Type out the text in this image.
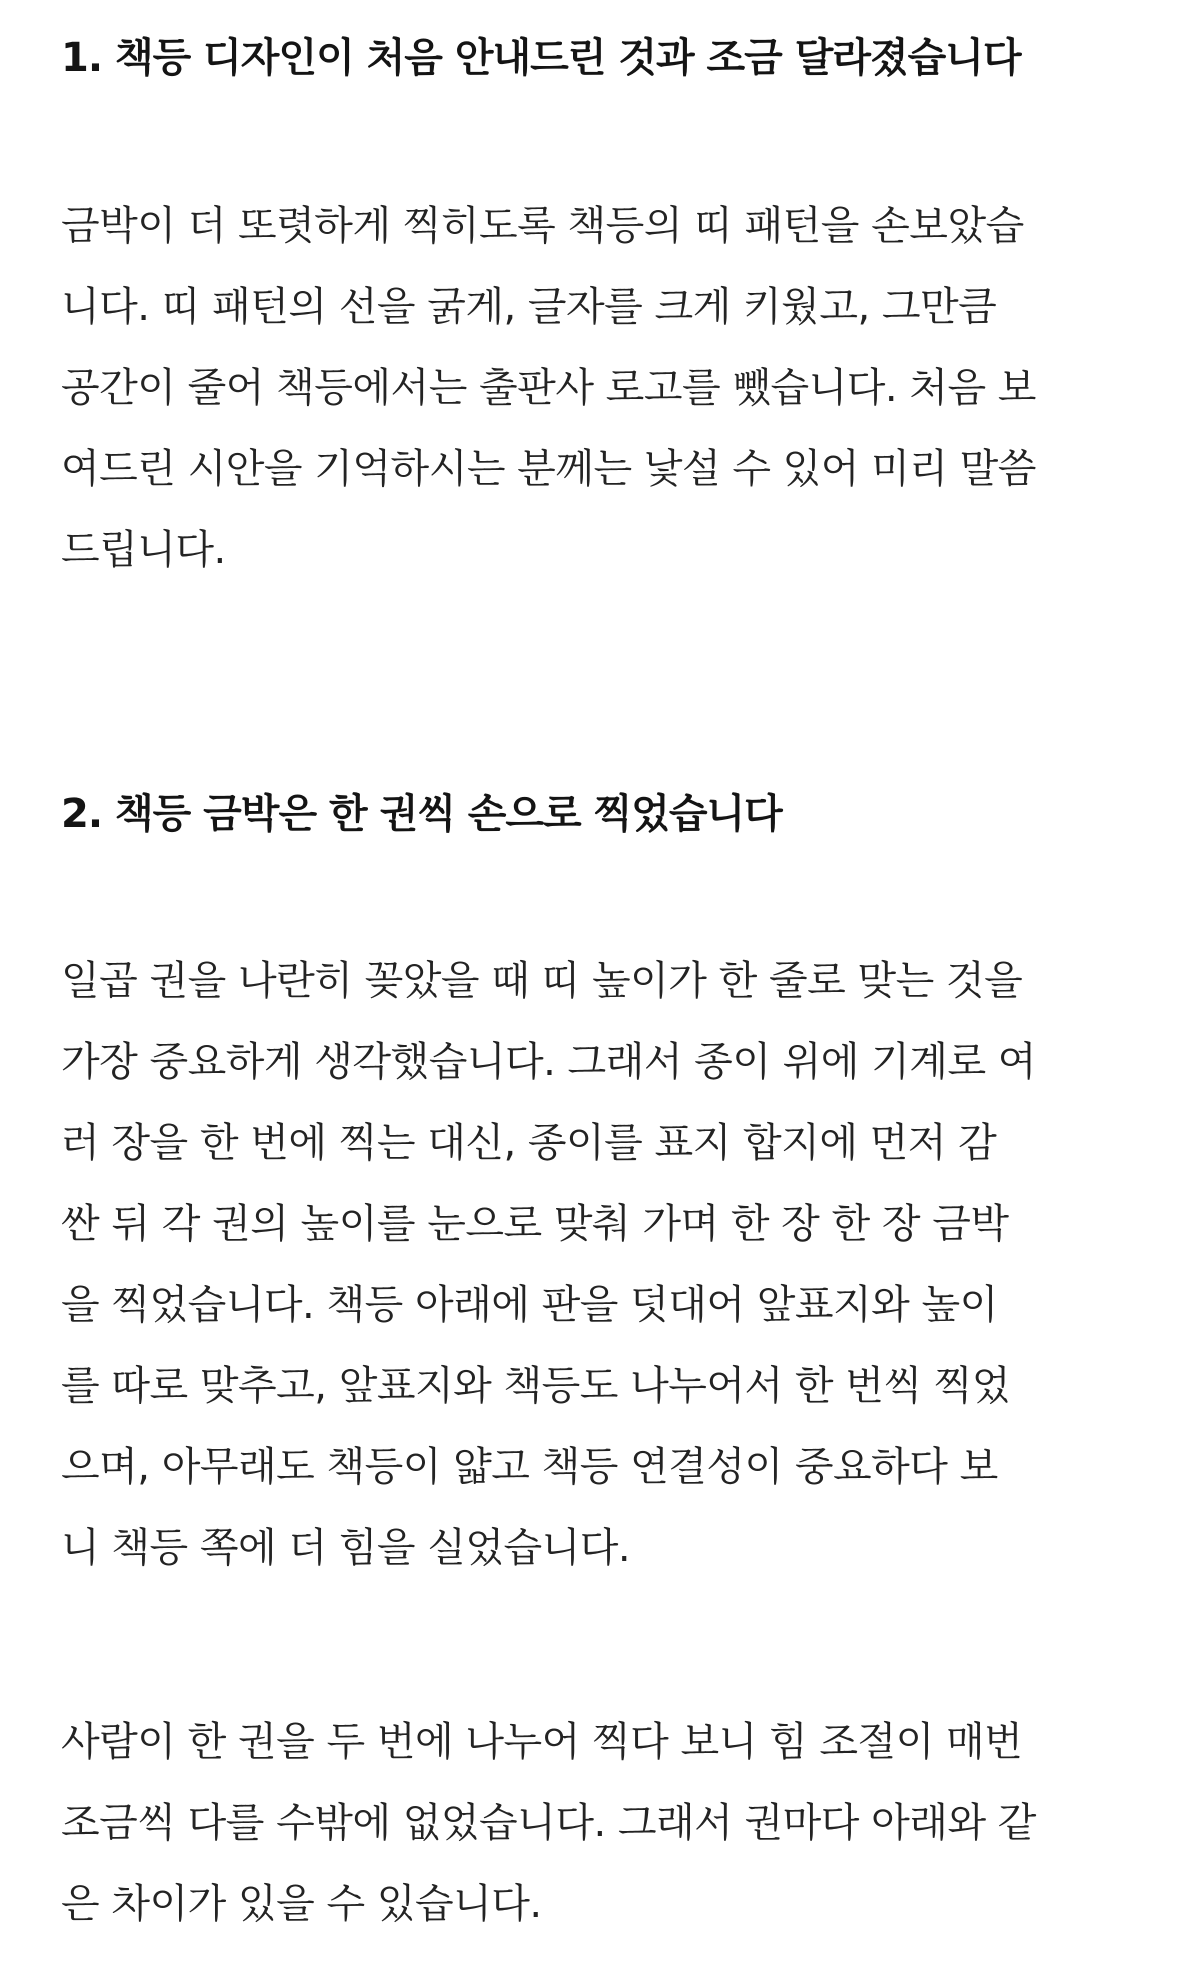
1. 책등 디자인이 처음 안내드린 것과 조금 달라졌습니다

금박이 더 또렷하게 찍히도록 책등의 띠 패턴을 손보았습
니다. 띠 패턴의 선을 굵게, 글자를 크게 키웠고, 그만큼
공간이 줄어 책등에서는 출판사 로고를 뺐습니다. 처음 보
여드린 시안을 기억하시는 분께는 낯설 수 있어 미리 말씀
드립니다.

2. 책등 금박은 한 권씩 손으로 찍었습니다

일곱 권을 나란히 꽂았을 때 띠 높이가 한 줄로 맞는 것을
가장 중요하게 생각했습니다. 그래서 종이 위에 기계로 여
러 장을 한 번에 찍는 대신, 종이를 표지 합지에 먼저 감
싼 뒤 각 권의 높이를 눈으로 맞춰 가며 한 장 한 장 금박
을 찍었습니다. 책등 아래에 판을 덧대어 앞표지와 높이
를 따로 맞추고, 앞표지와 책등도 나누어서 한 번씩 찍었
으며, 아무래도 책등이 얇고 책등 연결성이 중요하다 보
니 책등 쪽에 더 힘을 실었습니다.

사람이 한 권을 두 번에 나누어 찍다 보니 힘 조절이 매번
조금씩 다를 수밖에 없었습니다. 그래서 권마다 아래와 같
은 차이가 있을 수 있습니다.
